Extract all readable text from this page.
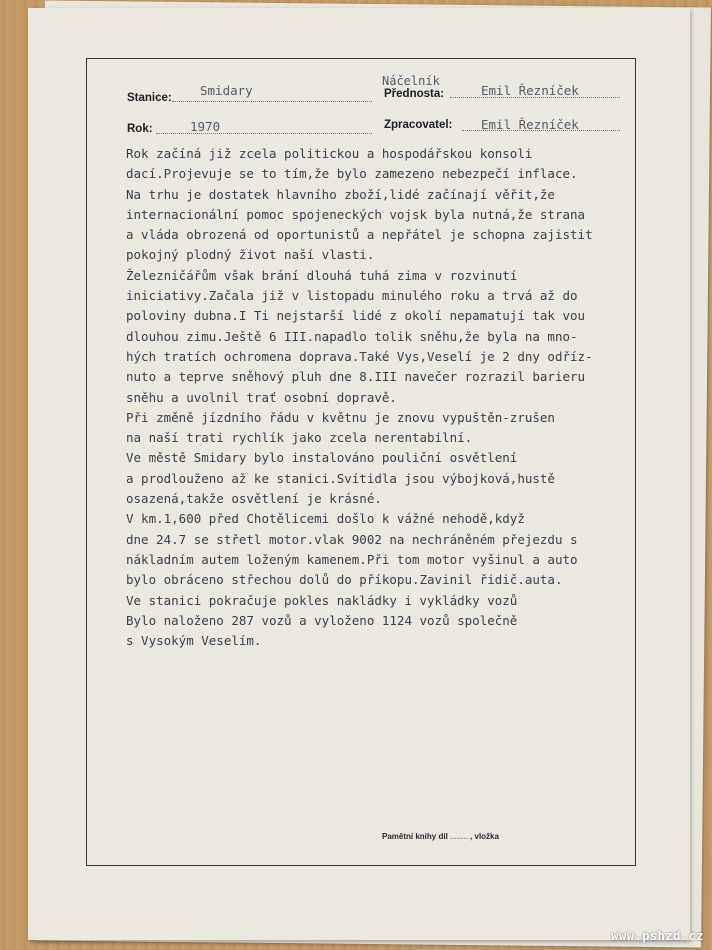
Stanice: Smidary
Náčelník
Přednosta:	Emil Řezníček
Rok:	1970	Zpracovatel: Emil Řezníček
Rok začíná již zcela politickou a hospodářskou konsoli
dací.Projevuje se to tím,že bylo zamezeno nebezpečí inflace.
Na trhu je dostatek hlavního zboží,lidé začínají věřit,že
internacionální pomoc spojeneckých vojsk byla nutná,že strana
a vláda obrozená od oportunistů a nepřátel je schopna zajistit
pokojný plodný život naší vlasti.
Železničářům však brání dlouhá tuhá zima v rozvinutí
iniciativy.Začala již v listopadu minulého roku a trvá až do
poloviny dubna.I Ti nejstarší lidé z okolí nepamatují tak vou
dlouhou zimu.Ještě 6 III.napadlo tolik sněhu,že byla na mno-
hých tratích ochromena doprava.Také Vys,Veselí je 2 dny odříz-
nuto a teprve sněhový pluh dne 8.III navečer rozrazil barieru
sněhu a uvolnil trať osobní dopravě.
Při změně jízdního řádu v květnu je znovu vypuštěn-zrušen
na naší trati rychlík jako zcela nerentabilní.
Ve městě Smidary bylo instalováno pouliční osvětlení
a prodlouženo až ke stanici.Svítidla jsou výbojková,hustě
osazená,takže osvětlení je krásné.
V km.1,600 před Chotělicemi došlo k vážné nehodě,když
dne 24.7 se střetl motor.vlak 9002 na nechráněném přejezdu s
nákladním autem loženým kamenem.Při tom motor vyšinul a auto
bylo obráceno střechou dolů do příkopu.Zavinil řidič.auta.
Ve stanici pokračuje pokles nakládky i vykládky vozů
Bylo naloženo 287 vozů a vyloženo 1124 vozů společně
s Vysokým Veselím.
Pamětní knihy díl ........ , vložka
www.pshzd.cz
